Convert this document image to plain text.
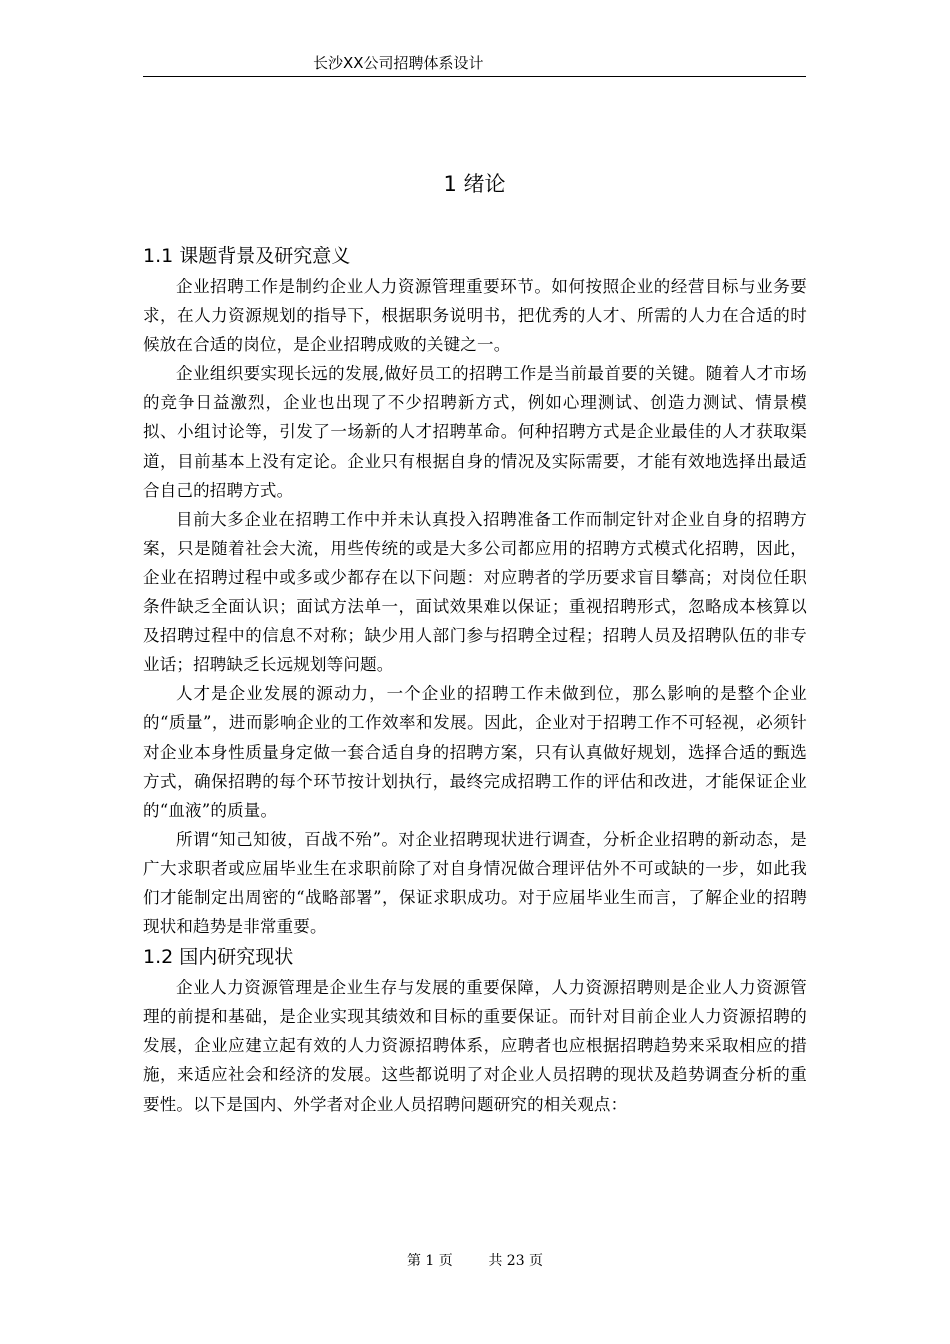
长沙XX公司招聘体系设计
1 绪论
1.1 课题背景及研究意义

企业招聘工作是制约企业人力资源管理重要环节。如何按照企业的经营目标与业务要求，在人力资源规划的指导下，根据职务说明书，把优秀的人才、所需的人力在合适的时候放在合适的岗位，是企业招聘成败的关键之一。

企业组织要实现长远的发展,做好员工的招聘工作是当前最首要的关键。随着人才市场的竞争日益激烈，企业也出现了不少招聘新方式，例如心理测试、创造力测试、情景模拟、小组讨论等，引发了一场新的人才招聘革命。何种招聘方式是企业最佳的人才获取渠道，目前基本上没有定论。企业只有根据自身的情况及实际需要，才能有效地选择出最适合自己的招聘方式。

目前大多企业在招聘工作中并未认真投入招聘准备工作而制定针对企业自身的招聘方案，只是随着社会大流，用些传统的或是大多公司都应用的招聘方式模式化招聘，因此，企业在招聘过程中或多或少都存在以下问题：对应聘者的学历要求盲目攀高；对岗位任职条件缺乏全面认识；面试方法单一，面试效果难以保证；重视招聘形式，忽略成本核算以及招聘过程中的信息不对称；缺少用人部门参与招聘全过程；招聘人员及招聘队伍的非专业话；招聘缺乏长远规划等问题。

人才是企业发展的源动力，一个企业的招聘工作未做到位，那么影响的是整个企业的“质量”，进而影响企业的工作效率和发展。因此，企业对于招聘工作不可轻视，必须针对企业本身性质量身定做一套合适自身的招聘方案，只有认真做好规划，选择合适的甄选方式，确保招聘的每个环节按计划执行，最终完成招聘工作的评估和改进，才能保证企业的“血液”的质量。

所谓“知己知彼，百战不殆”。对企业招聘现状进行调查，分析企业招聘的新动态，是广大求职者或应届毕业生在求职前除了对自身情况做合理评估外不可或缺的一步，如此我们才能制定出周密的“战略部署”，保证求职成功。对于应届毕业生而言，了解企业的招聘现状和趋势是非常重要。

1.2 国内研究现状

企业人力资源管理是企业生存与发展的重要保障，人力资源招聘则是企业人力资源管理的前提和基础，是企业实现其绩效和目标的重要保证。而针对目前企业人力资源招聘的发展，企业应建立起有效的人力资源招聘体系，应聘者也应根据招聘趋势来采取相应的措施，来适应社会和经济的发展。这些都说明了对企业人员招聘的现状及趋势调查分析的重要性。以下是国内、外学者对企业人员招聘问题研究的相关观点：

第 1 页        共 23 页
